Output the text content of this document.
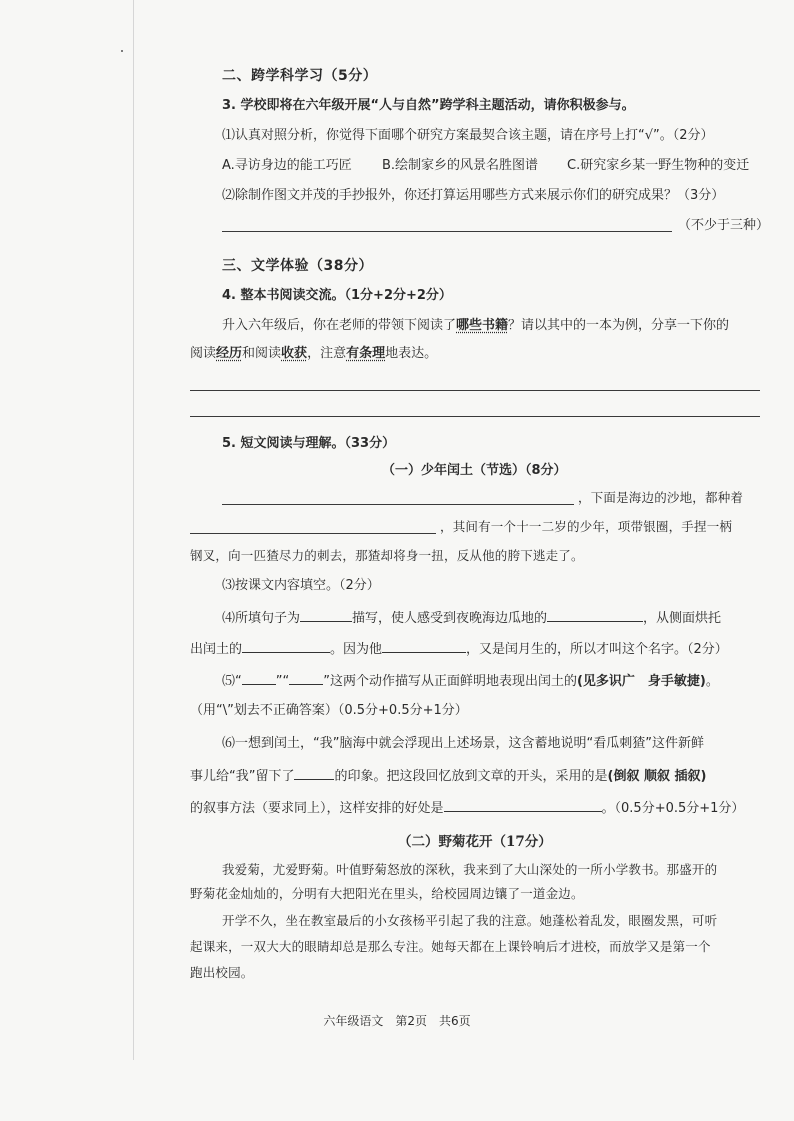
二、跨学科学习（5分）
3. 学校即将在六年级开展“人与自然”跨学科主题活动，请你积极参与。
⑴认真对照分析，你觉得下面哪个研究方案最契合该主题，请在序号上打“√”。（2分）
A.寻访身边的能工巧匠 B.绘制家乡的风景名胜图谱 C.研究家乡某一野生物种的变迁
⑵除制作图文并茂的手抄报外，你还打算运用哪些方式来展示你们的研究成果？（3分）
（不少于三种）
三、文学体验（38分）
4. 整本书阅读交流。（1分+2分+2分）
升入六年级后，你在老师的带领下阅读了哪些书籍？请以其中的一本为例，分享一下你的
阅读经历和阅读收获，注意有条理地表达。
5. 短文阅读与理解。（33分）
（一）少年闰土（节选）（8分）
，下面是海边的沙地，都种着
，其间有一个十一二岁的少年，项带银圈，手捏一柄
钢叉，向一匹猹尽力的刺去，那猹却将身一扭，反从他的胯下逃走了。
⑶按课文内容填空。（2分）
⑷所填句子为	描写，使人感受到夜晚海边瓜地的	，从侧面烘托
出闰土的	。因为他	，又是闰月生的，所以才叫这个名字。（2分）
⑸“	”“	”这两个动作描写从正面鲜明地表现出闰土的(见多识广　身手敏捷)。
（用“\”划去不正确答案）（0.5分+0.5分+1分）
⑹一想到闰土，“我”脑海中就会浮现出上述场景，这含蓄地说明“看瓜刺猹”这件新鲜
事儿给“我”留下了	的印象。把这段回忆放到文章的开头，采用的是(倒叙 顺叙 插叙)
的叙事方法（要求同上），这样安排的好处是	。（0.5分+0.5分+1分）
（二）野菊花开（17分）
我爱菊，尤爱野菊。叶值野菊怒放的深秋，我来到了大山深处的一所小学教书。那盛开的
野菊花金灿灿的，分明有大把阳光在里头，给校园周边镶了一道金边。
开学不久，坐在教室最后的小女孩杨平引起了我的注意。她蓬松着乱发，眼圈发黑，可听
起课来，一双大大的眼睛却总是那么专注。她每天都在上课铃响后才进校，而放学又是第一个
跑出校园。
六年级语文　第2页　共6页
